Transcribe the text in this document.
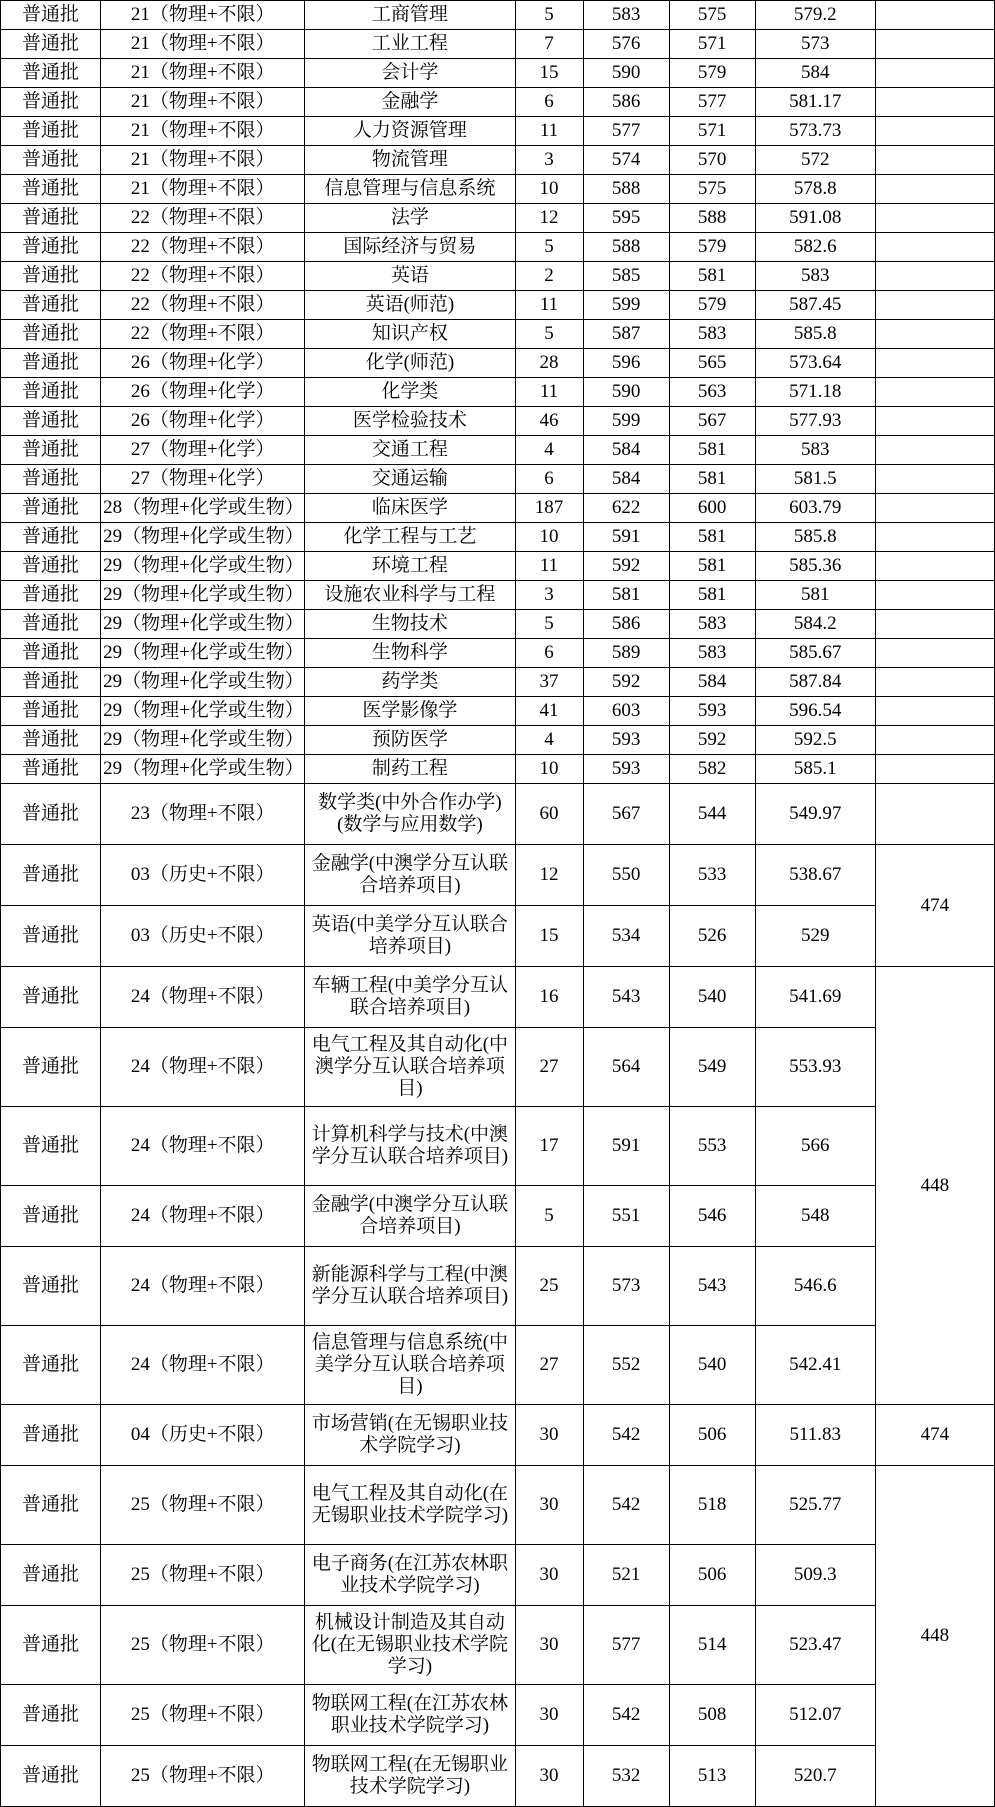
普通批	21（物理+不限）	工商管理	5	583	575	579.2	
普通批	21（物理+不限）	工业工程	7	576	571	573	
普通批	21（物理+不限）	会计学	15	590	579	584	
普通批	21（物理+不限）	金融学	6	586	577	581.17	
普通批	21（物理+不限）	人力资源管理	11	577	571	573.73	
普通批	21（物理+不限）	物流管理	3	574	570	572	
普通批	21（物理+不限）	信息管理与信息系统	10	588	575	578.8	
普通批	22（物理+不限）	法学	12	595	588	591.08	
普通批	22（物理+不限）	国际经济与贸易	5	588	579	582.6	
普通批	22（物理+不限）	英语	2	585	581	583	
普通批	22（物理+不限）	英语(师范)	11	599	579	587.45	
普通批	22（物理+不限）	知识产权	5	587	583	585.8	
普通批	26（物理+化学）	化学(师范)	28	596	565	573.64	
普通批	26（物理+化学）	化学类	11	590	563	571.18	
普通批	26（物理+化学）	医学检验技术	46	599	567	577.93	
普通批	27（物理+化学）	交通工程	4	584	581	583	
普通批	27（物理+化学）	交通运输	6	584	581	581.5	
普通批	28（物理+化学或生物）	临床医学	187	622	600	603.79	
普通批	29（物理+化学或生物）	化学工程与工艺	10	591	581	585.8	
普通批	29（物理+化学或生物）	环境工程	11	592	581	585.36	
普通批	29（物理+化学或生物）	设施农业科学与工程	3	581	581	581	
普通批	29（物理+化学或生物）	生物技术	5	586	583	584.2	
普通批	29（物理+化学或生物）	生物科学	6	589	583	585.67	
普通批	29（物理+化学或生物）	药学类	37	592	584	587.84	
普通批	29（物理+化学或生物）	医学影像学	41	603	593	596.54	
普通批	29（物理+化学或生物）	预防医学	4	593	592	592.5	
普通批	29（物理+化学或生物）	制药工程	10	593	582	585.1	
普通批	23（物理+不限）	数学类(中外合作办学)(数学与应用数学)	60	567	544	549.97	
普通批	03（历史+不限）	金融学(中澳学分互认联合培养项目)	12	550	533	538.67	474
普通批	03（历史+不限）	英语(中美学分互认联合培养项目)	15	534	526	529	
普通批	24（物理+不限）	车辆工程(中美学分互认联合培养项目)	16	543	540	541.69	448
普通批	24（物理+不限）	电气工程及其自动化(中澳学分互认联合培养项目)	27	564	549	553.93	
普通批	24（物理+不限）	计算机科学与技术(中澳学分互认联合培养项目)	17	591	553	566	
普通批	24（物理+不限）	金融学(中澳学分互认联合培养项目)	5	551	546	548	
普通批	24（物理+不限）	新能源科学与工程(中澳学分互认联合培养项目)	25	573	543	546.6	
普通批	24（物理+不限）	信息管理与信息系统(中美学分互认联合培养项目)	27	552	540	542.41	
普通批	04（历史+不限）	市场营销(在无锡职业技术学院学习)	30	542	506	511.83	474
普通批	25（物理+不限）	电气工程及其自动化(在无锡职业技术学院学习)	30	542	518	525.77	448
普通批	25（物理+不限）	电子商务(在江苏农林职业技术学院学习)	30	521	506	509.3	
普通批	25（物理+不限）	机械设计制造及其自动化(在无锡职业技术学院学习)	30	577	514	523.47	
普通批	25（物理+不限）	物联网工程(在江苏农林职业技术学院学习)	30	542	508	512.07	
普通批	25（物理+不限）	物联网工程(在无锡职业技术学院学习)	30	532	513	520.7	
